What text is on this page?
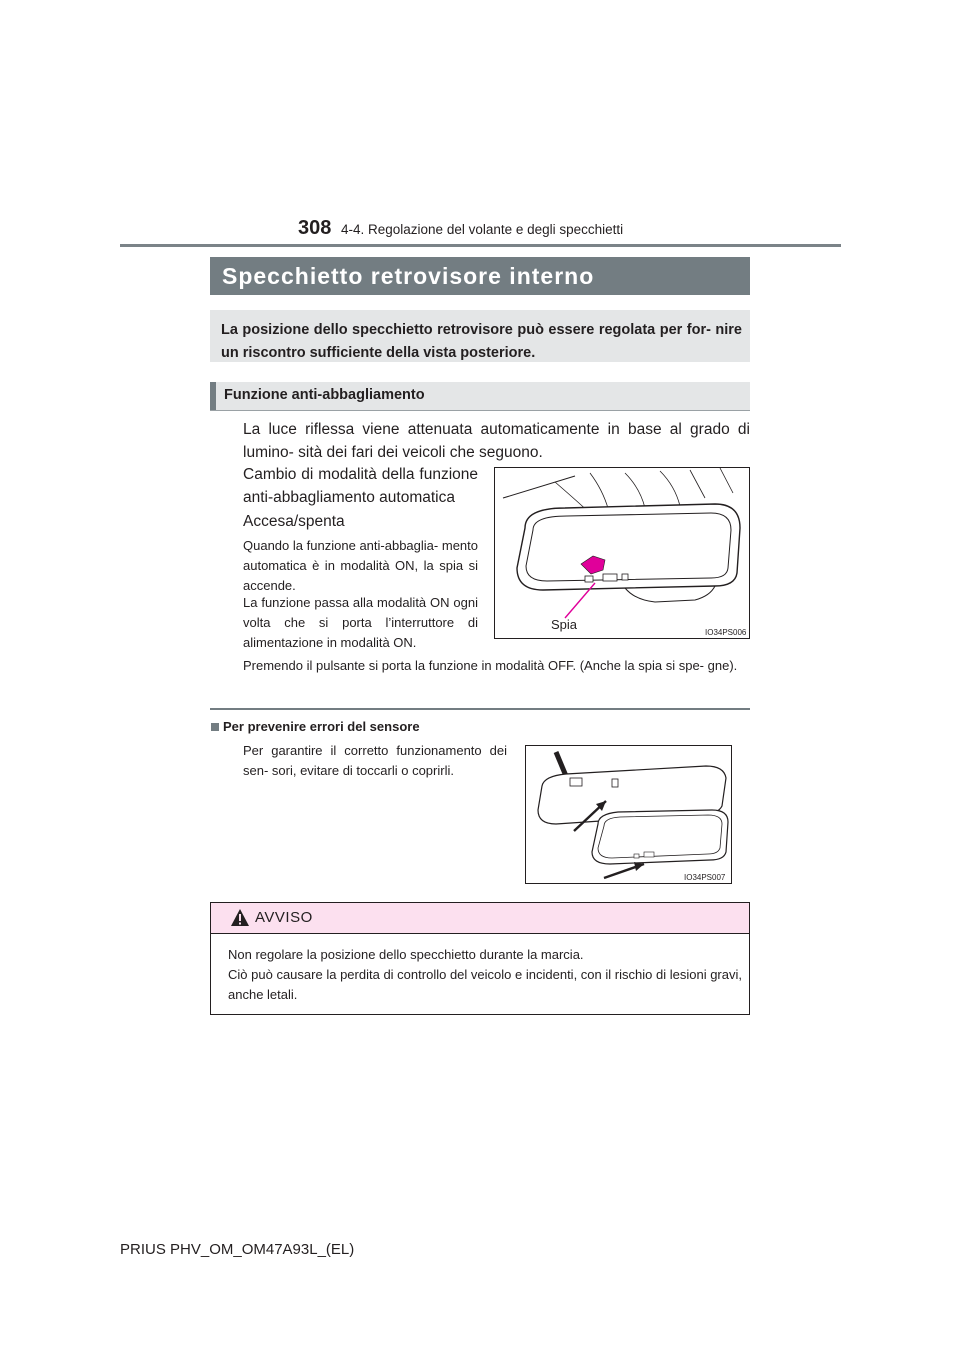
308 4-4. Regolazione del volante e degli specchietti
Specchietto retrovisore interno
La posizione dello specchietto retrovisore può essere regolata per for- nire un riscontro sufficiente della vista posteriore.
Funzione anti-abbagliamento
La luce riflessa viene attenuata automaticamente in base al grado di lumino- sità dei fari dei veicoli che seguono.
Cambio di modalità della funzione anti-abbagliamento automatica
Accesa/spenta
Quando la funzione anti-abbaglia- mento automatica è in modalità ON, la spia si accende.
La funzione passa alla modalità ON ogni volta che si porta l’interruttore di alimentazione in modalità ON.
Premendo il pulsante si porta la funzione in modalità OFF. (Anche la spia si spe- gne).
Spia
IO34PS006
Per prevenire errori del sensore
Per garantire il corretto funzionamento dei sen- sori, evitare di toccarli o coprirli.
IO34PS007
AVVISO
Non regolare la posizione dello specchietto durante la marcia.
Ciò può causare la perdita di controllo del veicolo e incidenti, con il rischio di lesioni gravi, anche letali.
PRIUS PHV_OM_OM47A93L_(EL)
